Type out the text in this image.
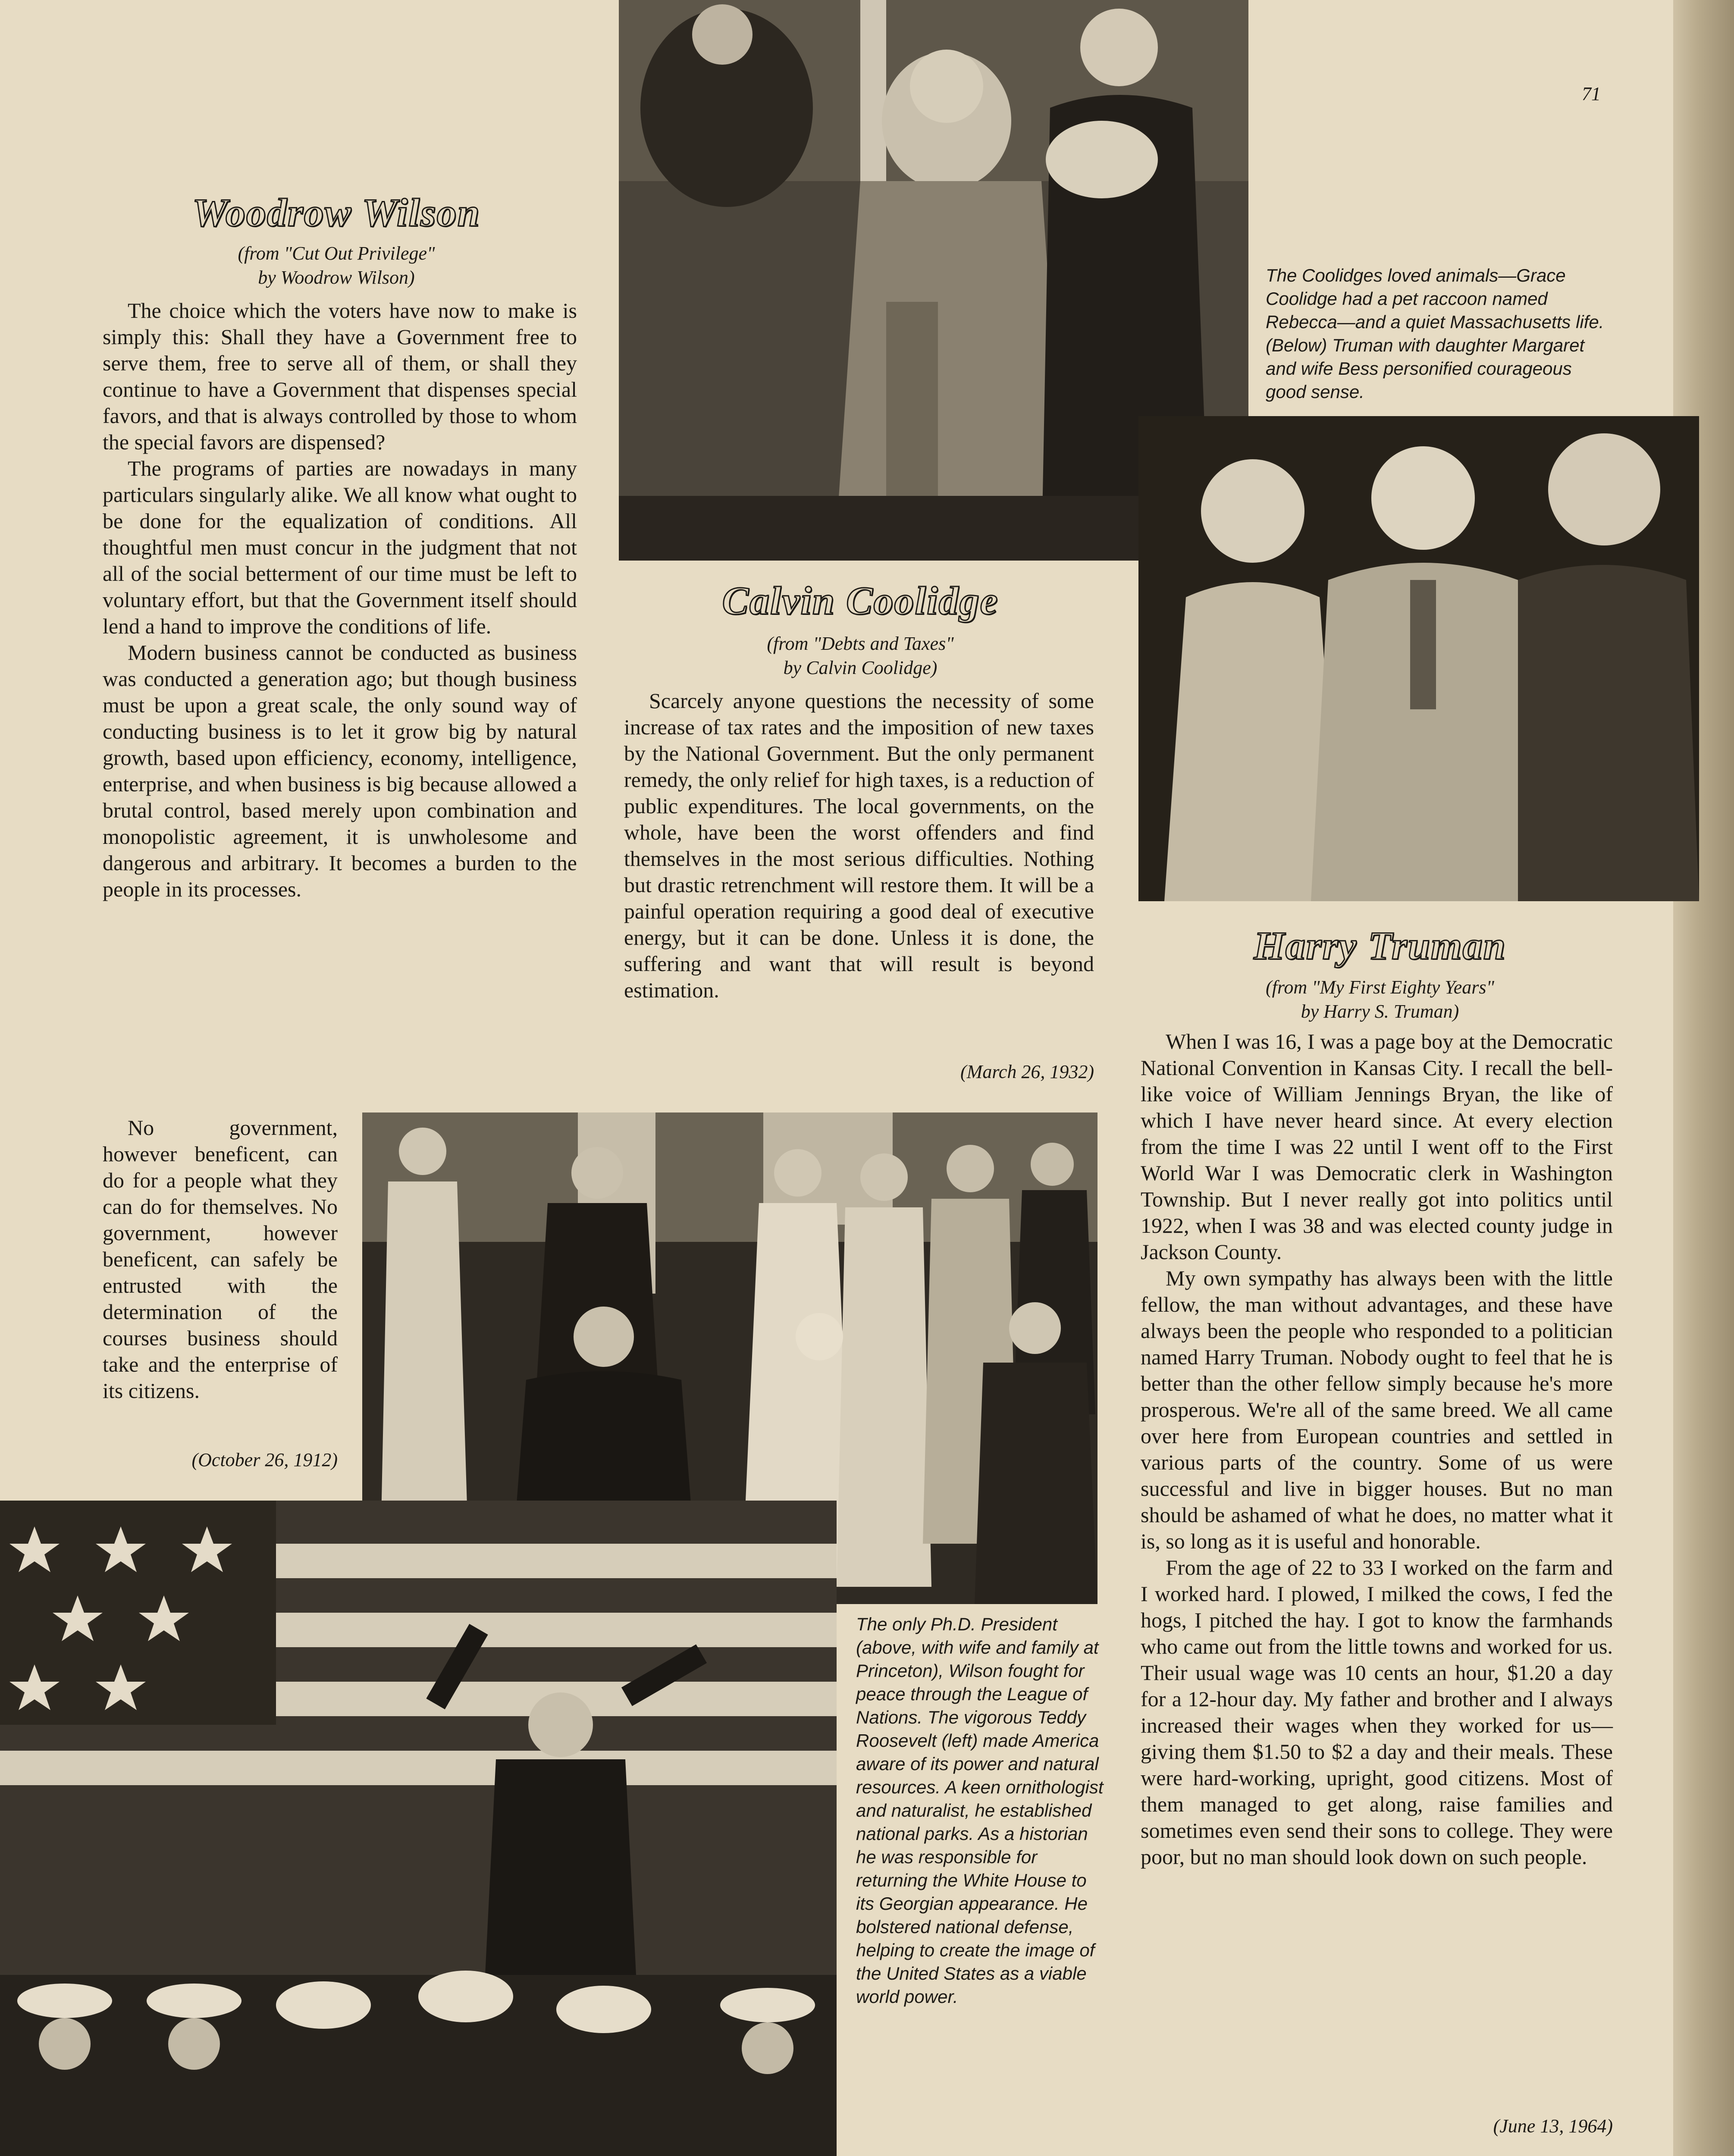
71
Woodrow Wilson
(from "Cut Out Privilege"
by Woodrow Wilson)

The choice which the voters have now to make is simply this: Shall they have a Government free to serve them, free to serve all of them, or shall they continue to have a Government that dispenses special favors, and that is always controlled by those to whom the special favors are dispensed?

The programs of parties are nowadays in many particulars singularly alike. We all know what ought to be done for the equalization of conditions. All thoughtful men must concur in the judgment that not all of the social betterment of our time must be left to voluntary effort, but that the Government itself should lend a hand to improve the conditions of life.

Modern business cannot be conducted as business was conducted a generation ago; but though business must be upon a great scale, the only sound way of conducting business is to let it grow big by natural growth, based upon efficiency, economy, intelligence, enterprise, and when business is big because allowed a brutal control, based merely upon combination and monopolistic agreement, it is unwholesome and dangerous and arbitrary. It becomes a burden to the people in its processes.

No government, however beneficent, can do for a people what they can do for themselves. No government, however beneficent, can safely be entrusted with the determination of the courses business should take and the enterprise of its citizens.

(October 26, 1912)
The Coolidges loved animals—Grace Coolidge had a pet raccoon named Rebecca—and a quiet Massachusetts life. (Below) Truman with daughter Margaret and wife Bess personified courageous good sense.
Calvin Coolidge
(from "Debts and Taxes"
by Calvin Coolidge)

Scarcely anyone questions the necessity of some increase of tax rates and the imposition of new taxes by the National Government. But the only permanent remedy, the only relief for high taxes, is a reduction of public expenditures. The local governments, on the whole, have been the worst offenders and find themselves in the most serious difficulties. Nothing but drastic retrenchment will restore them. It will be a painful operation requiring a good deal of executive energy, but it can be done. Unless it is done, the suffering and want that will result is beyond estimation.

(March 26, 1932)
Harry Truman
(from "My First Eighty Years"
by Harry S. Truman)

When I was 16, I was a page boy at the Democratic National Convention in Kansas City. I recall the bell-like voice of William Jennings Bryan, the like of which I have never heard since. At every election from the time I was 22 until I went off to the First World War I was Democratic clerk in Washington Township. But I never really got into politics until 1922, when I was 38 and was elected county judge in Jackson County.

My own sympathy has always been with the little fellow, the man without advantages, and these have always been the people who responded to a politician named Harry Truman. Nobody ought to feel that he is better than the other fellow simply because he's more prosperous. We're all of the same breed. We all came over here from European countries and settled in various parts of the country. Some of us were successful and live in bigger houses. But no man should be ashamed of what he does, no matter what it is, so long as it is useful and honorable.

From the age of 22 to 33 I worked on the farm and I worked hard. I plowed, I milked the cows, I fed the hogs, I pitched the hay. I got to know the farmhands who came out from the little towns and worked for us. Their usual wage was 10 cents an hour, $1.20 a day for a 12-hour day. My father and brother and I always increased their wages when they worked for us—giving them $1.50 to $2 a day and their meals. These were hard-working, upright, good citizens. Most of them managed to get along, raise families and sometimes even send their sons to college. They were poor, but no man should look down on such people.

(June 13, 1964)
The only Ph.D. President (above, with wife and family at Princeton), Wilson fought for peace through the League of Nations. The vigorous Teddy Roosevelt (left) made America aware of its power and natural resources. A keen ornithologist and naturalist, he established national parks. As a historian he was responsible for returning the White House to its Georgian appearance. He bolstered national defense, helping to create the image of the United States as a viable world power.
